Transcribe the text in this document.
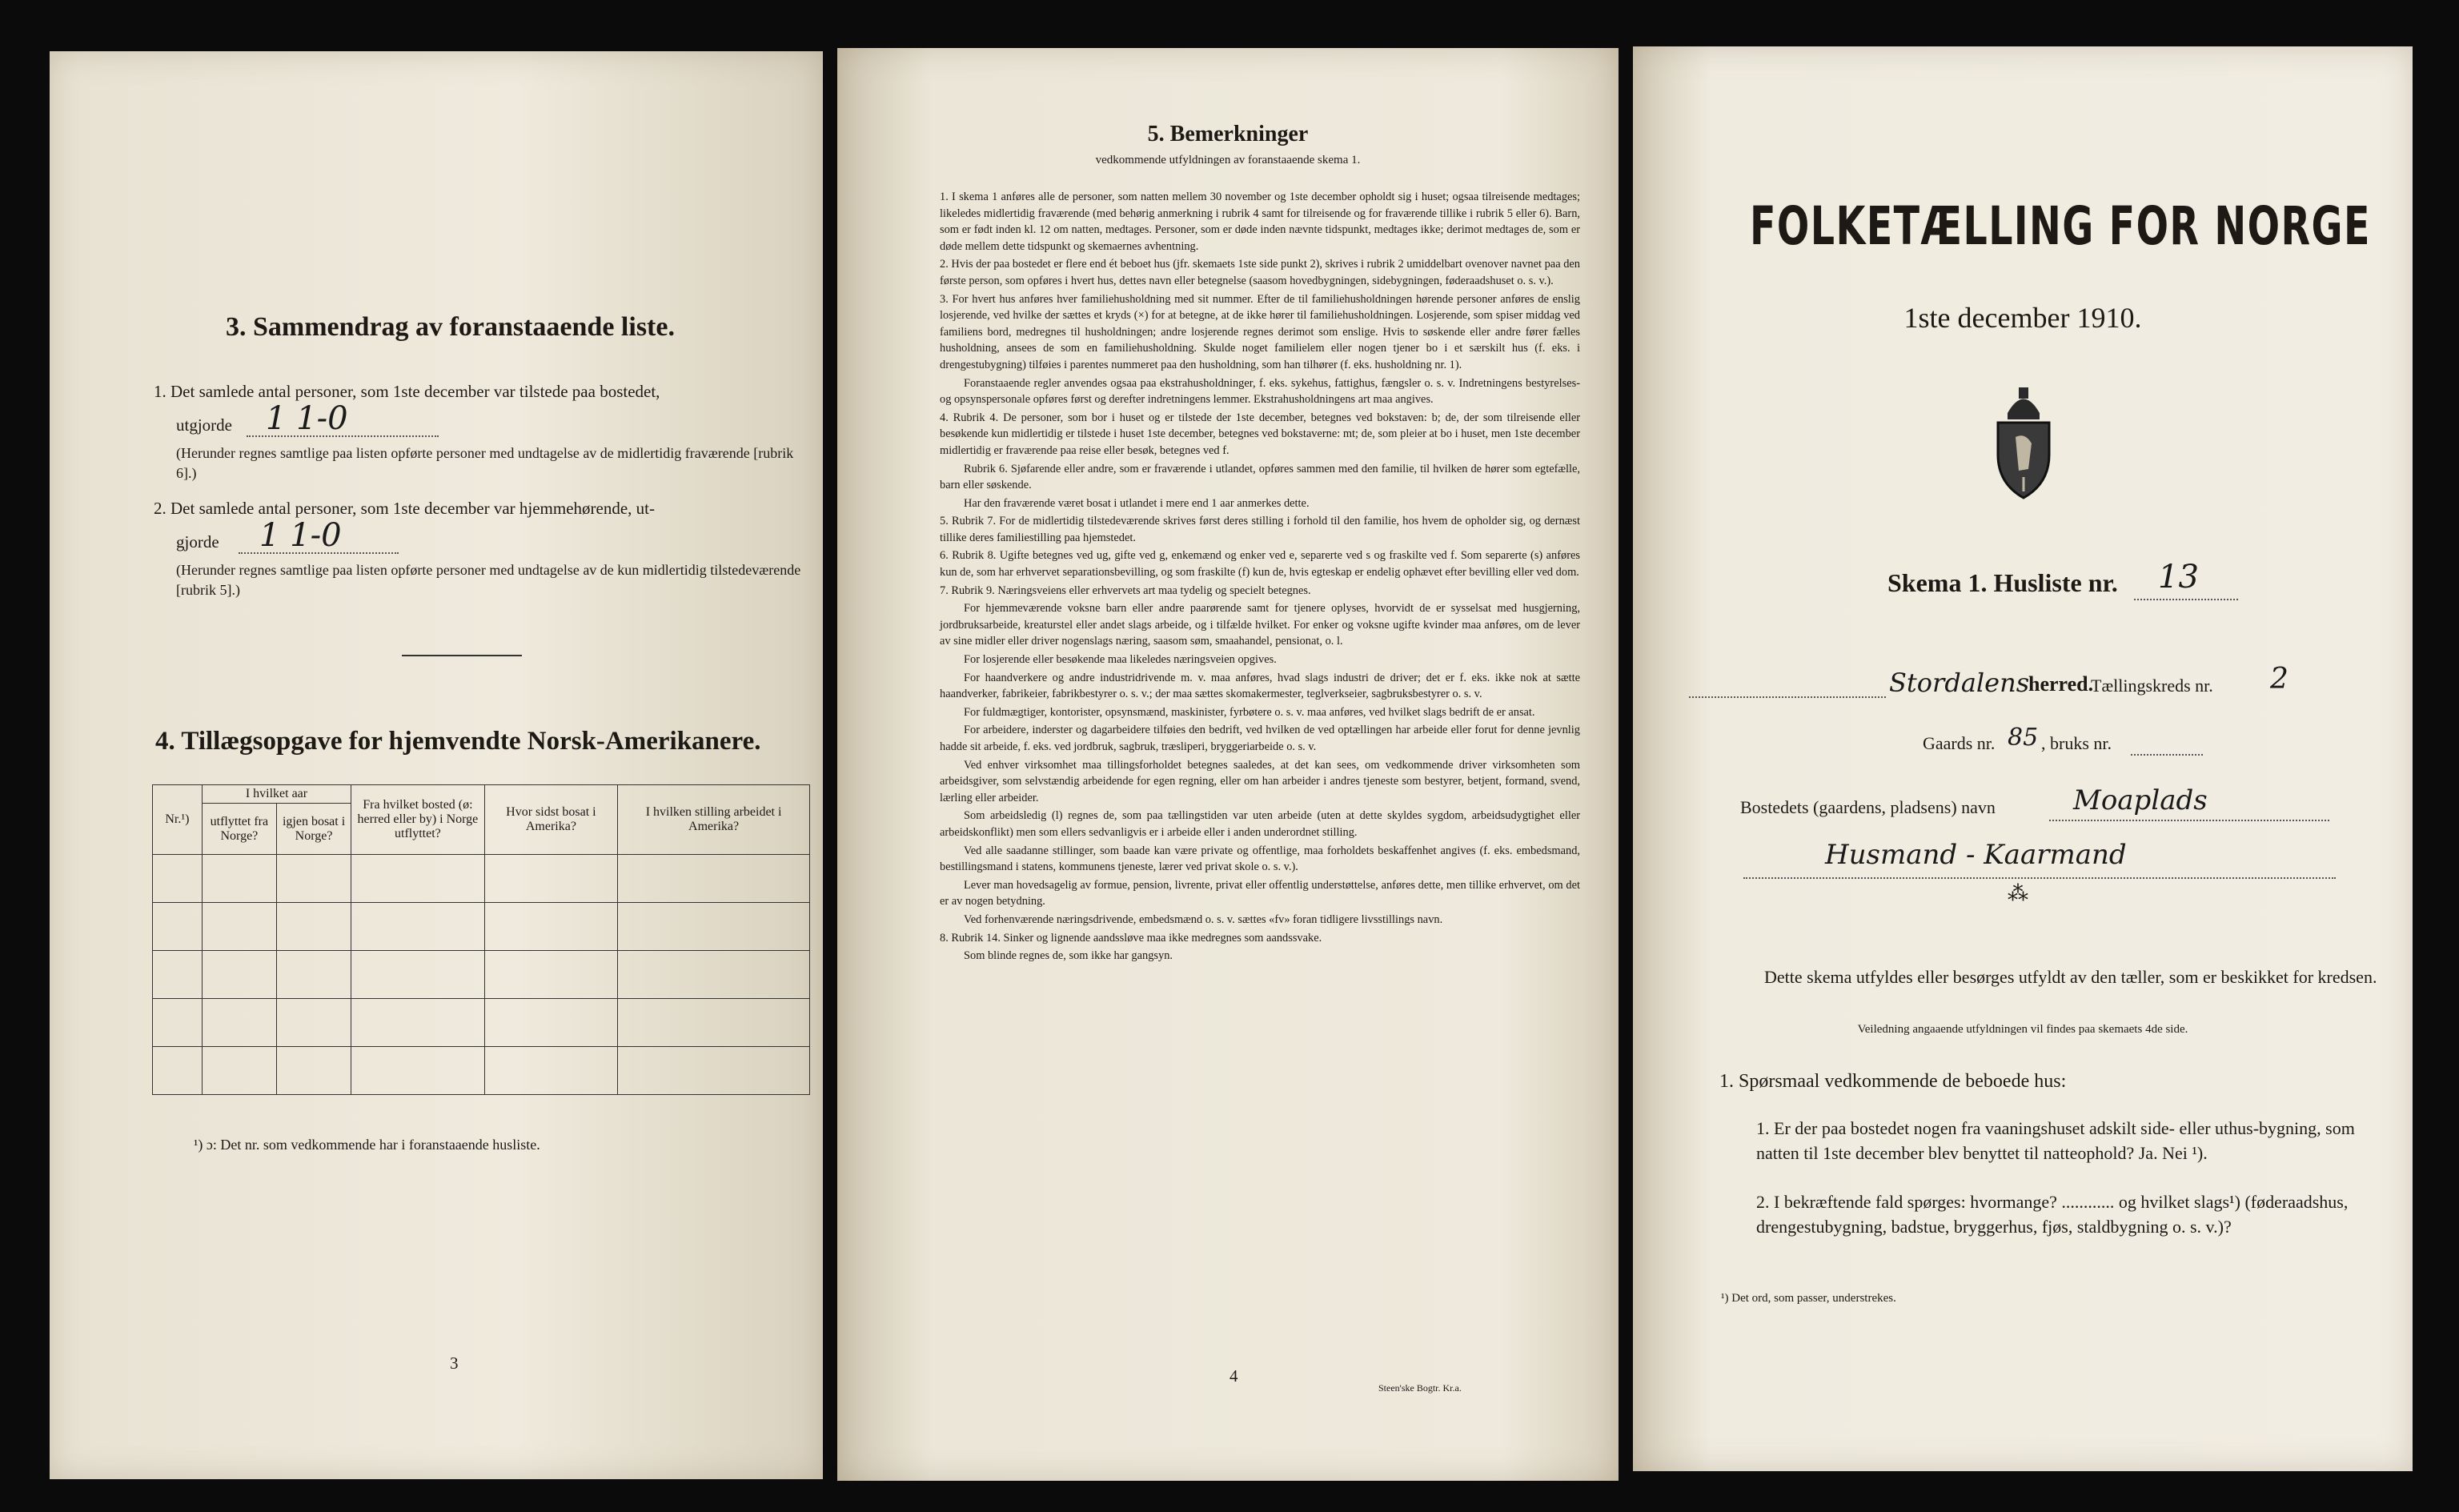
3. Sammendrag av foranstaaende liste.
1. Det samlede antal personer, som 1ste december var tilstede paa bostedet,
utgjorde 1 1-0
(Herunder regnes samtlige paa listen opførte personer med undtagelse av de midlertidig fraværende [rubrik 6].)
2. Det samlede antal personer, som 1ste december var hjemmehørende, ut-
gjorde 1 1-0
(Herunder regnes samtlige paa listen opførte personer med undtagelse av de kun midlertidig tilstedeværende [rubrik 5].)
4. Tillægsopgave for hjemvendte Norsk-Amerikanere.
Nr.¹)	I hvilket aar		Fra hvilket bosted (ø: herred eller by) i Norge utflyttet?	Hvor sidst bosat i Amerika?	I hvilken stilling arbeidet i Amerika?
	utflyttet fra Norge?	igjen bosat i Norge?			

¹) ɔ: Det nr. som vedkommende har i foranstaaende husliste.
3
5. Bemerkninger
vedkommende utfyldningen av foranstaaende skema 1.

1. I skema 1 anføres alle de personer, som natten mellem 30 november og 1ste december opholdt sig i huset; ogsaa tilreisende medtages; likeledes midlertidig fraværende (med behørig anmerkning i rubrik 4 samt for tilreisende og for fraværende tillike i rubrik 5 eller 6). Barn, som er født inden kl. 12 om natten, medtages. Personer, som er døde inden nævnte tidspunkt, medtages ikke; derimot medtages de, som er døde mellem dette tidspunkt og skemaernes avhentning.

2. Hvis der paa bostedet er flere end ét beboet hus (jfr. skemaets 1ste side punkt 2), skrives i rubrik 2 umiddelbart ovenover navnet paa den første person, som opføres i hvert hus, dettes navn eller betegnelse (saasom hovedbygningen, sidebygningen, føderaadshuset o. s. v.).

3. For hvert hus anføres hver familiehusholdning med sit nummer. Efter de til familiehusholdningen hørende personer anføres de enslig losjerende, ved hvilke der sættes et kryds (×) for at betegne, at de ikke hører til familiehusholdningen. Losjerende, som spiser middag ved familiens bord, medregnes til husholdningen; andre losjerende regnes derimot som enslige. Hvis to søskende eller andre fører fælles husholdning, ansees de som en familiehusholdning. Skulde noget familielem eller nogen tjener bo i et særskilt hus (f. eks. i drengestubygning) tilføies i parentes nummeret paa den husholdning, som han tilhører (f. eks. husholdning nr. 1).

Foranstaaende regler anvendes ogsaa paa ekstrahusholdninger, f. eks. sykehus, fattighus, fængsler o. s. v. Indretningens bestyrelses- og opsynspersonale opføres først og derefter indretningens lemmer. Ekstrahusholdningens art maa angives.

4. Rubrik 4. De personer, som bor i huset og er tilstede der 1ste december, betegnes ved bokstaven: b; de, der som tilreisende eller besøkende kun midlertidig er tilstede i huset 1ste december, betegnes ved bokstaverne: mt; de, som pleier at bo i huset, men 1ste december midlertidig er fraværende paa reise eller besøk, betegnes ved f.

Rubrik 6. Sjøfarende eller andre, som er fraværende i utlandet, opføres sammen med den familie, til hvilken de hører som egtefælle, barn eller søskende.

Har den fraværende været bosat i utlandet i mere end 1 aar anmerkes dette.

5. Rubrik 7. For de midlertidig tilstedeværende skrives først deres stilling i forhold til den familie, hos hvem de opholder sig, og dernæst tillike deres familiestilling paa hjemstedet.

6. Rubrik 8. Ugifte betegnes ved ug, gifte ved g, enkemænd og enker ved e, separerte ved s og fraskilte ved f. Som separerte (s) anføres kun de, som har erhvervet separationsbevilling, og som fraskilte (f) kun de, hvis egteskap er endelig ophævet efter bevilling eller ved dom.

7. Rubrik 9. Næringsveiens eller erhvervets art maa tydelig og specielt betegnes.

For hjemmeværende voksne barn eller andre paarørende samt for tjenere oplyses, hvorvidt de er sysselsat med husgjerning, jordbruksarbeide, kreaturstel eller andet slags arbeide, og i tilfælde hvilket. For enker og voksne ugifte kvinder maa anføres, om de lever av sine midler eller driver nogenslags næring, saasom søm, smaahandel, pensionat, o. l.

For losjerende eller besøkende maa likeledes næringsveien opgives.

For haandverkere og andre industridrivende m. v. maa anføres, hvad slags industri de driver; det er f. eks. ikke nok at sætte haandverker, fabrikeier, fabrikbestyrer o. s. v.; der maa sættes skomakermester, teglverkseier, sagbruksbestyrer o. s. v.

For fuldmægtiger, kontorister, opsynsmænd, maskinister, fyrbøtere o. s. v. maa anføres, ved hvilket slags bedrift de er ansat.

For arbeidere, inderster og dagarbeidere tilføies den bedrift, ved hvilken de ved optællingen har arbeide eller forut for denne jevnlig hadde sit arbeide, f. eks. ved jordbruk, sagbruk, træsliperi, bryggeriarbeide o. s. v.

Ved enhver virksomhet maa tillingsforholdet betegnes saaledes, at det kan sees, om vedkommende driver virksomheten som arbeidsgiver, som selvstændig arbeidende for egen regning, eller om han arbeider i andres tjeneste som bestyrer, betjent, formand, svend, lærling eller arbeider.

Som arbeidsledig (l) regnes de, som paa tællingstiden var uten arbeide (uten at dette skyldes sygdom, arbeidsudygtighet eller arbeidskonflikt) men som ellers sedvanligvis er i arbeide eller i anden underordnet stilling.

Ved alle saadanne stillinger, som baade kan være private og offentlige, maa forholdets beskaffenhet angives (f. eks. embedsmand, bestillingsmand i statens, kommunens tjeneste, lærer ved privat skole o. s. v.).

Lever man hovedsagelig av formue, pension, livrente, privat eller offentlig understøttelse, anføres dette, men tillike erhvervet, om det er av nogen betydning.

Ved forhenværende næringsdrivende, embedsmænd o. s. v. sættes «fv» foran tidligere livsstillings navn.

8. Rubrik 14. Sinker og lignende aandssløve maa ikke medregnes som aandssvake.

Som blinde regnes de, som ikke har gangsyn.

4
Steen'ske Bogtr. Kr.a.
FOLKETÆLLING FOR NORGE
1ste december 1910.
Skema 1. Husliste nr. 13
Stordalens
herred.
Tællingskreds nr. 2
Gaards nr. 85 , bruks nr.
Bostedets (gaardens, pladsens) navn	Moaplads
Husmand - Kaarmand
⁂
Dette skema utfyldes eller besørges utfyldt av den tæller, som er beskikket for kredsen.
Veiledning angaaende utfyldningen vil findes paa skemaets 4de side.
1. Spørsmaal vedkommende de beboede hus:
1. Er der paa bostedet nogen fra vaaningshuset adskilt side- eller uthus-bygning, som natten til 1ste december blev benyttet til natteophold? Ja. Nei ¹).
2. I bekræftende fald spørges: hvormange? ............ og hvilket slags¹) (føderaadshus, drengestubygning, badstue, bryggerhus, fjøs, staldbygning o. s. v.)?
¹) Det ord, som passer, understrekes.
